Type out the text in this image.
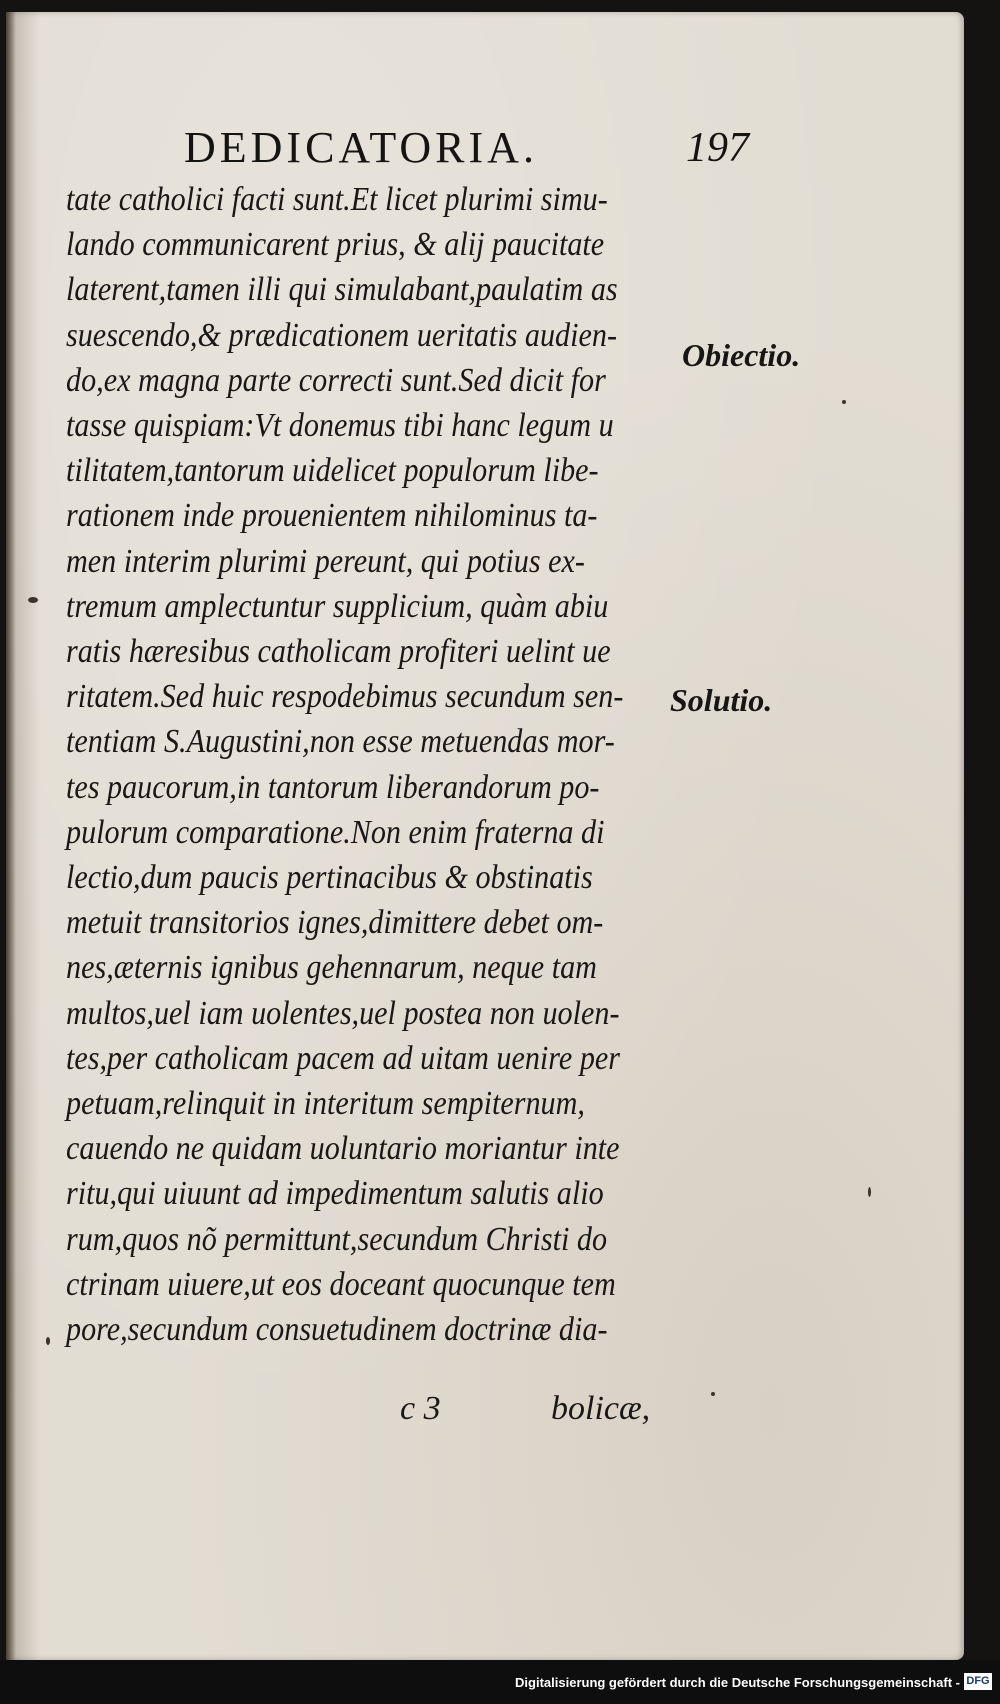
DEDICATORIA.	197
tate catholici facti sunt.Et licet plurimi simu-
lando communicarent prius, & alij paucitate
laterent,tamen illi qui simulabant,paulatim as
suescendo,& prædicationem ueritatis audien-
do,ex magna parte correcti sunt.Sed dicit for
tasse quispiam:Vt donemus tibi hanc legum u
tilitatem,tantorum uidelicet populorum libe-
rationem inde prouenientem nihilominus ta-
men interim plurimi pereunt, qui potius ex-
tremum amplectuntur supplicium, quàm abiu
ratis hæresibus catholicam profiteri uelint ue
ritatem.Sed huic respodebimus secundum sen-
tentiam S.Augustini,non esse metuendas mor-
tes paucorum,in tantorum liberandorum po-
pulorum comparatione.Non enim fraterna di
lectio,dum paucis pertinacibus & obstinatis
metuit transitorios ignes,dimittere debet om-
nes,æternis ignibus gehennarum, neque tam
multos,uel iam uolentes,uel postea non uolen-
tes,per catholicam pacem ad uitam uenire per
petuam,relinquit in interitum sempiternum,
cauendo ne quidam uoluntario moriantur inte
ritu,qui uiuunt ad impedimentum salutis alio
rum,quos nõ permittunt,secundum Christi do
ctrinam uiuere,ut eos doceant quocunque tem
pore,secundum consuetudinem doctrinæ dia-
Obiectio.
Solutio.
c 3	bolicæ,
Digitalisierung gefördert durch die Deutsche Forschungsgemeinschaft - DFG
